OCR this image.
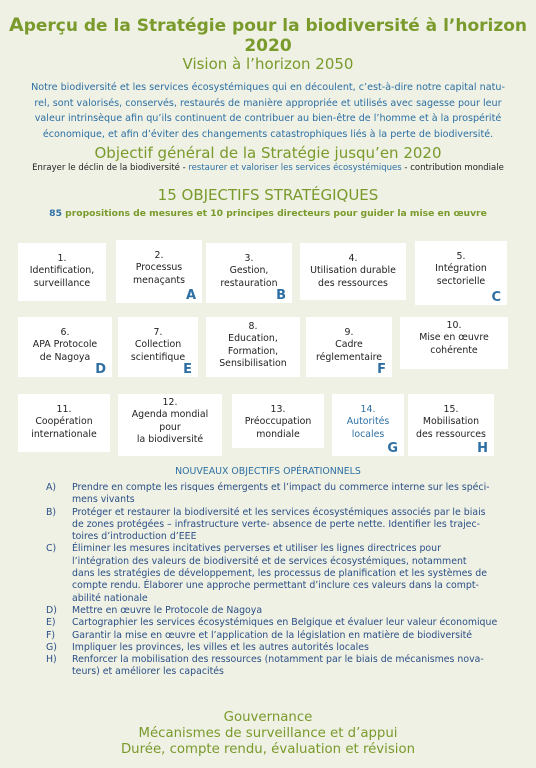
Aperçu de la Stratégie pour la biodiversité à l’horizon 2020
Vision à l’horizon 2050
Notre biodiversité et les services écosystémiques qui en découlent, c’est-à-dire notre capital natu-
rel, sont valorisés, conservés, restaurés de manière appropriée et utilisés avec sagesse pour leur
valeur intrinsèque afin qu’ils continuent de contribuer au bien-être de l’homme et à la prospérité
économique, et afin d’éviter des changements catastrophiques liés à la perte de biodiversité.
Objectif général de la Stratégie jusqu’en 2020
Enrayer le déclin de la biodiversité - restaurer et valoriser les services écosystémiques - contribution mondiale
15 OBJECTIFS STRATÉGIQUES
85 propositions de mesures et 10 principes directeurs pour guider la mise en œuvre
1.
Identification,
surveillance
2.
Processus
menaçants
A
3.
Gestion,
restauration
B
4.
Utilisation durable
des ressources
5.
Intégration
sectorielle
C
6.
APA Protocole
de Nagoya
D
7.
Collection
scientifique
E
8.
Education,
Formation,
Sensibilisation
9.
Cadre
réglementaire
F
10.
Mise en œuvre
cohérente
11.
Coopération
internationale
12.
Agenda mondial
pour
la biodiversité
13.
Préoccupation
mondiale
14.
Autorités
locales
G
15.
Mobilisation
des ressources
H
NOUVEAUX OBJECTIFS OPÉRATIONNELS
A) Prendre en compte les risques émergents et l’impact du commerce interne sur les spéci-
mens vivants
B) Protéger et restaurer la biodiversité et les services écosystémiques associés par le biais
de zones protégées – infrastructure verte- absence de perte nette. Identifier les trajec-
toires d’introduction d’EEE
C) Éliminer les mesures incitatives perverses et utiliser les lignes directrices pour
l’intégration des valeurs de biodiversité et de services écosystémiques, notamment
dans les stratégies de développement, les processus de planification et les systèmes de
compte rendu. Élaborer une approche permettant d’inclure ces valeurs dans la compt-
abilité nationale
D) Mettre en œuvre le Protocole de Nagoya
E) Cartographier les services écosystémiques en Belgique et évaluer leur valeur économique
F) Garantir la mise en œuvre et l’application de la législation en matière de biodiversité
G) Impliquer les provinces, les villes et les autres autorités locales
H) Renforcer la mobilisation des ressources (notamment par le biais de mécanismes nova-
teurs) et améliorer les capacités
Gouvernance
Mécanismes de surveillance et d’appui
Durée, compte rendu, évaluation et révision
